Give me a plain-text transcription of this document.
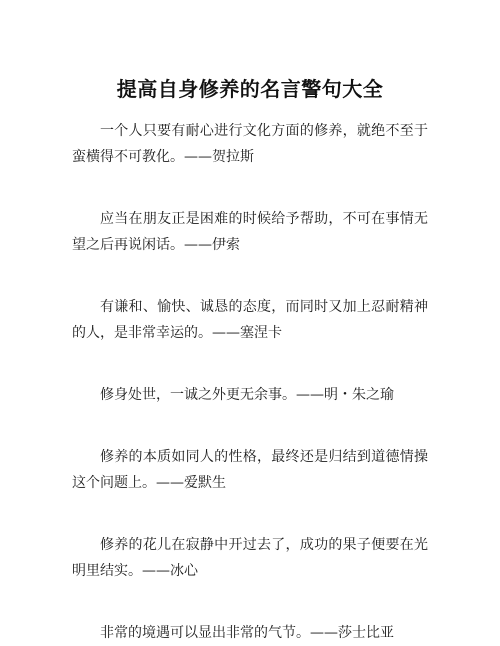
提高自身修养的名言警句大全

一个人只要有耐心进行文化方面的修养，就绝不至于蛮横得不可教化。——贺拉斯

应当在朋友正是困难的时候给予帮助，不可在事情无望之后再说闲话。——伊索

有谦和、愉快、诚恳的态度，而同时又加上忍耐精神的人，是非常幸运的。——塞涅卡

修身处世，一诚之外更无余事。——明・朱之瑜

修养的本质如同人的性格，最终还是归结到道德情操这个问题上。——爱默生

修养的花儿在寂静中开过去了，成功的果子便要在光明里结实。——冰心

非常的境遇可以显出非常的气节。——莎士比亚
